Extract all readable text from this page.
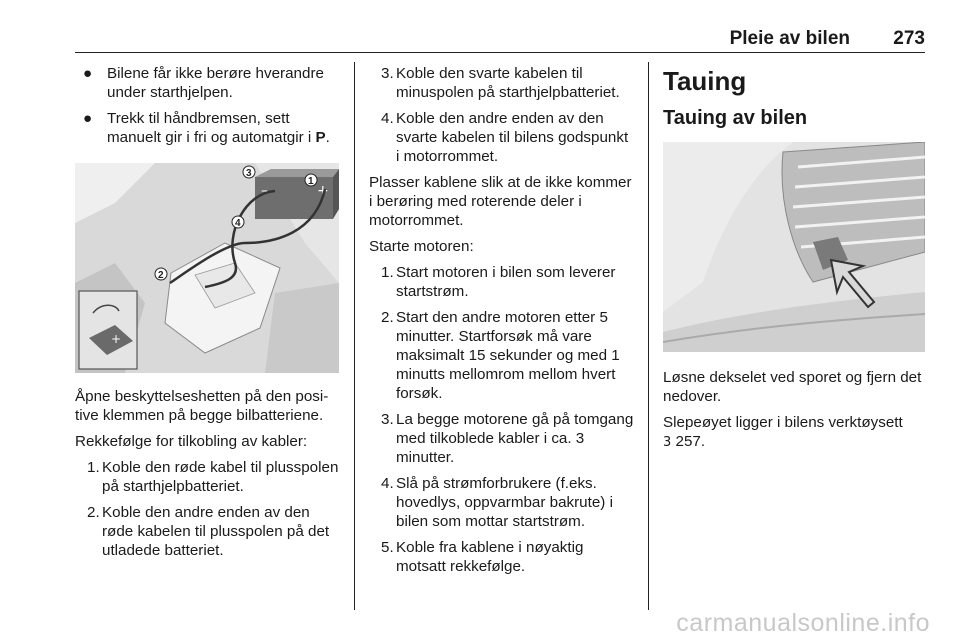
Pleie av bilen 273
● Bilene får ikke berøre hverandre under starthjelpen.
● Trekk til håndbremsen, sett manuelt gir i fri og automatgir i P.
+
–
+
3
1
4
2

Åpne beskyttelseshetten på den positive klemmen på begge bilbatteriene.

Rekkefølge for tilkobling av kabler:

1. Koble den røde kabel til plusspolen på starthjelpbatteriet.
2. Koble den andre enden av den røde kabelen til plusspolen på det utladede batteriet.
3. Koble den svarte kabelen til minuspolen på starthjelpbatteriet.
4. Koble den andre enden av den svarte kabelen til bilens godspunkt i motorrommet.

Plasser kablene slik at de ikke kommer i berøring med roterende deler i motorrommet.

Starte motoren:

1. Start motoren i bilen som leverer startstrøm.
2. Start den andre motoren etter 5 minutter. Startforsøk må vare maksimalt 15 sekunder og med 1 minutts mellomrom mellom hvert forsøk.
3. La begge motorene gå på tomgang med tilkoblede kabler i ca. 3 minutter.
4. Slå på strømforbrukere (f.eks. hovedlys, oppvarmbar bakrute) i bilen som mottar startstrøm.
5. Koble fra kablene i nøyaktig motsatt rekkefølge.
Tauing
Tauing av bilen

Løsne dekselet ved sporet og fjern det nedover.

Slepeøyet ligger i bilens verktøysett
3 257.

carmanualsonline.info
